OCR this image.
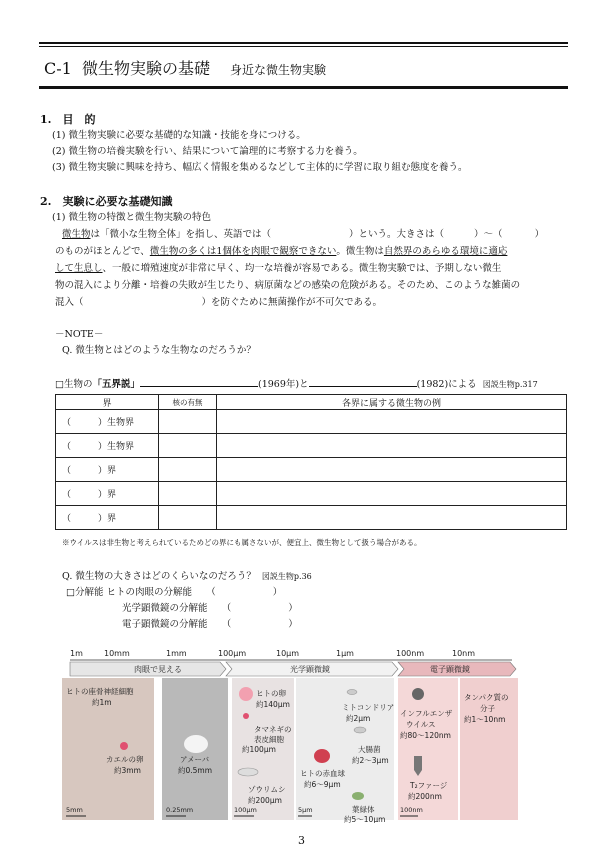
C-1 微生物実験の基礎 身近な微生物実験
1.　目　的
(1) 微生物実験に必要な基礎的な知識・技能を身につける。
(2) 微生物の培養実験を行い、結果について論理的に考察する力を養う。
(3) 微生物実験に興味を持ち、幅広く情報を集めるなどして主体的に学習に取り組む態度を養う。
2.　実験に必要な基礎知識
(1) 微生物の特徴と微生物実験の特色
微生物は「微小な生物全体」を指し、英語では（	）という。大きさは（	）～（	）
のものがほとんどで、微生物の多くは1個体を肉眼で観察できない。微生物は自然界のあらゆる環境に適応
して生息し、一般に増殖速度が非常に早く、均一な培養が容易である。微生物実験では、予期しない微生
物の混入により分離・培養の失敗が生じたり、病原菌などの感染の危険がある。そのため、このような雑菌の
混入（	）を防ぐために無菌操作が不可欠である。
－NOTE－
Q. 微生物とはどのような生物なのだろうか？
□生物の「五界説」	(1969年)と	(1982)による 図説生物p.317
界	核の有無	各界に属する微生物の例
（　　　）生物界		
（　　　）生物界		
（　　　）界		
（　　　）界		
（　　　）界		
※ウイルスは非生物と考えられているためどの界にも属さないが、便宜上、微生物として扱う場合がある。
Q. 微生物の大きさはどのくらいなのだろう？ 図説生物p.36
□分解能 ヒトの肉眼の分解能　　（　　　　　　）
光学顕微鏡の分解能　　（　　　　　　）
電子顕微鏡の分解能　　（　　　　　　）
1m	10mm	1mm	100μm	10μm	1μm	100nm	10nm
肉眼で見える	光学顕微鏡	電子顕微鏡
ヒトの座骨神経細胞
約1m
カエルの卵
約3mm
アメーバ
約0.5mm
ヒトの卵
約140μm
タマネギの
表皮細胞
約100μm
ゾウリムシ
約200μm
ミトコンドリア
約2μm
大腸菌
約2～3μm
ヒトの赤血球
約6～9μm
葉緑体
約5～10μm
インフルエンザ
ウイルス
約80～120nm
T₂ファージ
約200nm
タンパク質の
分子
約1～10nm
5mm	0.25mm	100μm	5μm	100nm
3
